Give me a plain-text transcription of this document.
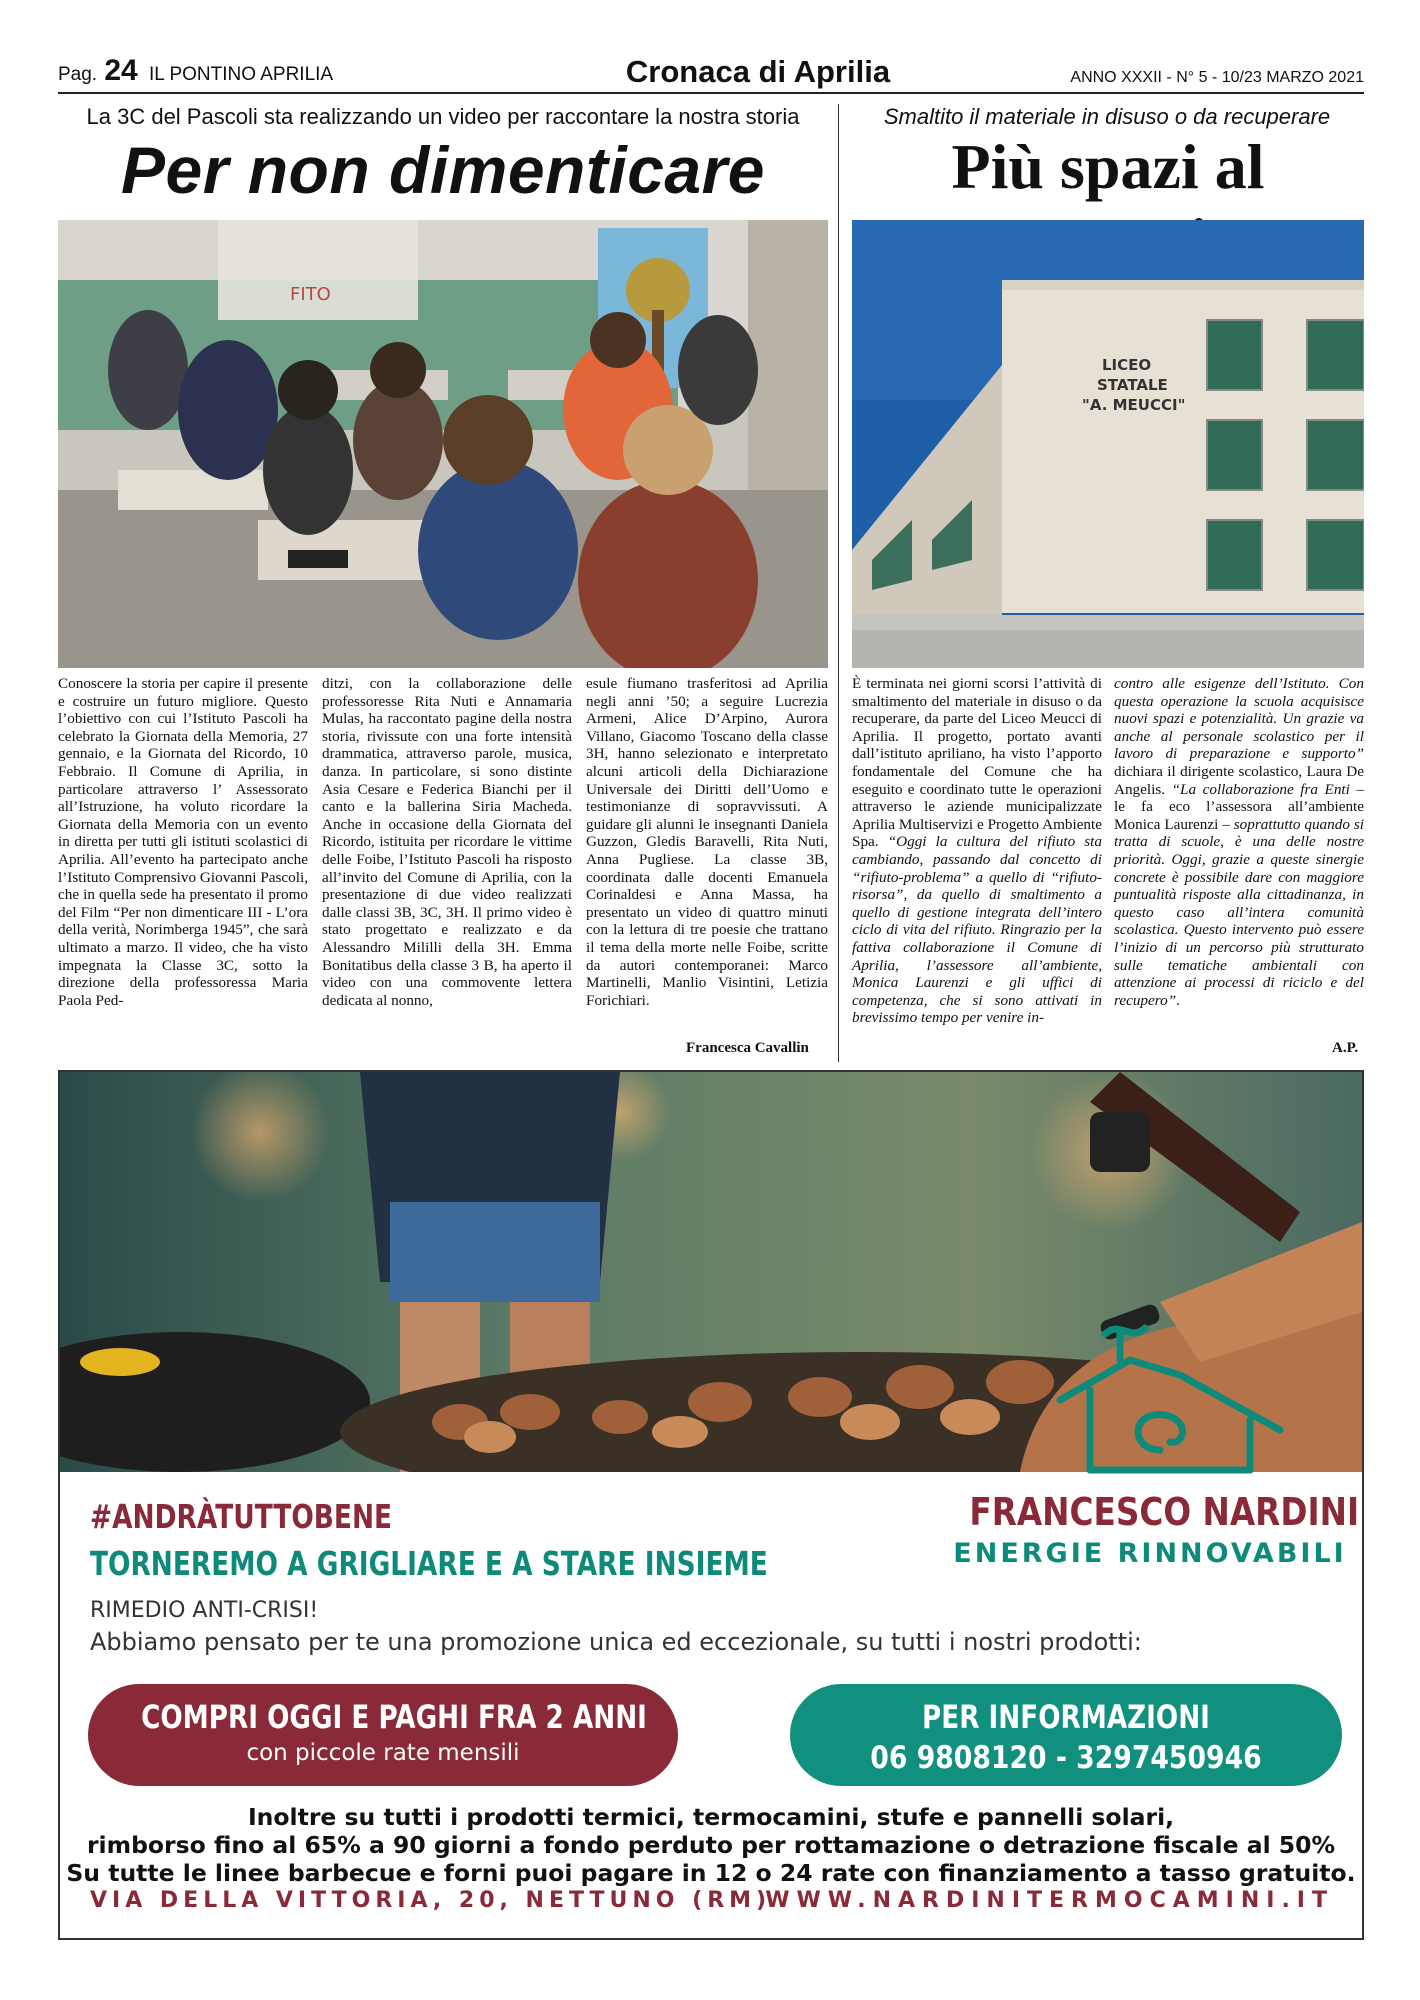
Pag. 24 IL PONTINO APRILIA	Cronaca di Aprilia	ANNO XXXII - N° 5 - 10/23 MARZO 2021
La 3C del Pascoli sta realizzando un video per raccontare la nostra storia
Per non dimenticare
FITO

Conoscere la storia per capire il presente e costruire un futuro migliore. Questo l’obiettivo con cui l’Istituto Pascoli ha celebrato la Giornata della Memoria, 27 gennaio, e la Giornata del Ricordo, 10 Febbraio. Il Comune di Aprilia, in particolare attraverso l’ Assessorato all’Istruzione, ha voluto ricordare la Giornata della Memoria con un evento in diretta per tutti gli istituti scolastici di Aprilia. All’evento ha partecipato anche l’Istituto Comprensivo Giovanni Pascoli, che in quella sede ha presentato il promo del Film “Per non dimenticare III - L’ora della verità, Norimberga 1945”, che sarà ultimato a marzo. Il video, che ha visto impegnata la Classe 3C, sotto la direzione della professoressa Maria Paola Ped-

ditzi, con la collaborazione delle professoresse Rita Nuti e Annamaria Mulas, ha raccontato pagine della nostra storia, rivissute con una forte intensità drammatica, attraverso parole, musica, danza. In particolare, si sono distinte Asia Cesare e Federica Bianchi per il canto e la ballerina Siria Macheda. Anche in occasione della Giornata del Ricordo, istituita per ricordare le vittime delle Foibe, l’Istituto Pascoli ha risposto all’invito del Comune di Aprilia, con la presentazione di due video realizzati dalle classi 3B, 3C, 3H. Il primo video è stato progettato e realizzato e da Alessandro Mililli della 3H. Emma Bonitatibus della classe 3 B, ha aperto il video con una commovente lettera dedicata al nonno,

esule fiumano trasferitosi ad Aprilia negli anni ’50; a seguire Lucrezia Armeni, Alice D’Arpino, Aurora Villano, Giacomo Toscano della classe 3H, hanno selezionato e interpretato alcuni articoli della Dichiarazione Universale dei Diritti dell’Uomo e testimonianze di sopravvissuti. A guidare gli alunni le insegnanti Daniela Guzzon, Gledis Baravelli, Rita Nuti, Anna Pugliese. La classe 3B, coordinata dalle docenti Emanuela Corinaldesi e Anna Massa, ha presentato un video di quattro minuti con la lettura di tre poesie che trattano il tema della morte nelle Foibe, scritte da autori contemporanei: Marco Martinelli, Manlio Visintini, Letizia Forichiari.

Francesca Cavallin
Smaltito il materiale in disuso o da recuperare
Più spazi al
LICEO
STATALE
"A. MEUCCI"

È terminata nei giorni scorsi l’attività di smaltimento del materiale in disuso o da recuperare, da parte del Liceo Meucci di Aprilia. Il progetto, portato avanti dall’istituto apriliano, ha visto l’apporto fondamentale del Comune che ha eseguito e coordinato tutte le operazioni attraverso le aziende municipalizzate Aprilia Multiservizi e Progetto Ambiente Spa. “Oggi la cultura del rifiuto sta cambiando, passando dal concetto di “rifiuto-problema” a quello di “rifiuto-risorsa”, da quello di smaltimento a quello di gestione integrata dell’intero ciclo di vita del rifiuto. Ringrazio per la fattiva collaborazione il Comune di Aprilia, l’assessore all’ambiente, Monica Laurenzi e gli uffici di competenza, che si sono attivati in brevissimo tempo per venire in-

contro alle esigenze dell’Istituto. Con questa operazione la scuola acquisisce nuovi spazi e potenzialità. Un grazie va anche al personale scolastico per il lavoro di preparazione e supporto” dichiara il dirigente scolastico, Laura De Angelis. “La collaborazione fra Enti – le fa eco l’assessora all’ambiente Monica Laurenzi – soprattutto quando si tratta di scuole, è una delle nostre priorità. Oggi, grazie a queste sinergie concrete è possibile dare con maggiore puntualità risposte alla cittadinanza, in questo caso all’intera comunità scolastica. Questo intervento può essere l’inizio di un percorso più strutturato sulle tematiche ambientali con attenzione ai processi di riciclo e del recupero”.

A.P.
#ANDRÀTUTTOBENE
TORNEREMO A GRIGLIARE E A STARE INSIEME
RIMEDIO ANTI-CRISI!
Abbiamo pensato per te una promozione unica ed eccezionale, su tutti i nostri prodotti:
FRANCESCO NARDINI
ENERGIE RINNOVABILI
COMPRI OGGI E PAGHI FRA 2 ANNI
con piccole rate mensili
PER INFORMAZIONI
06 9808120 - 3297450946
Inoltre su tutti i prodotti termici, termocamini, stufe e pannelli solari,
rimborso fino al 65% a 90 giorni a fondo perduto per rottamazione o detrazione fiscale al 50%
Su tutte le linee barbecue e forni puoi pagare in 12 o 24 rate con finanziamento a tasso gratuito.
VIA DELLA VITTORIA, 20, NETTUNO (RM)
WWW.NARDINITERMOCAMINI.IT
